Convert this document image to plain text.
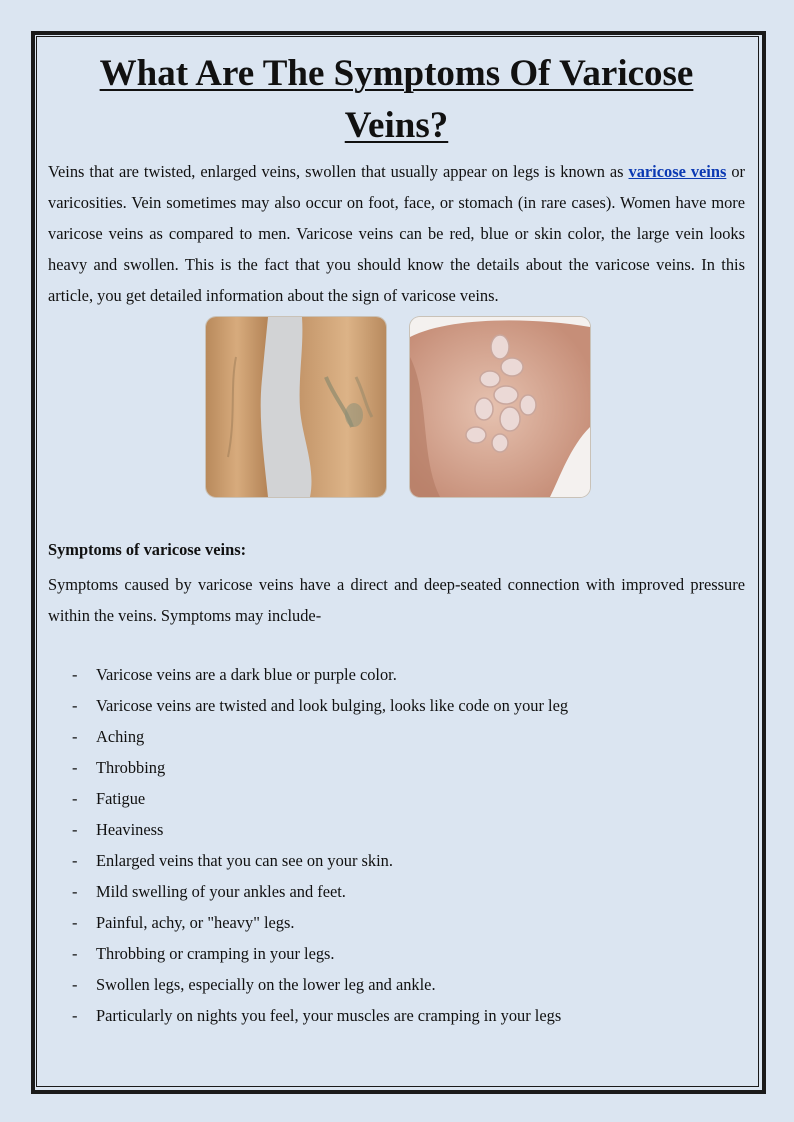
What Are The Symptoms Of Varicose Veins?

Veins that are twisted, enlarged veins, swollen that usually appear on legs is known as varicose veins or varicosities. Vein sometimes may also occur on foot, face, or stomach (in rare cases). Women have more varicose veins as compared to men. Varicose veins can be red, blue or skin color, the large vein looks heavy and swollen. This is the fact that you should know the details about the varicose veins. In this article, you get detailed information about the sign of varicose veins.

Symptoms of varicose veins:

Symptoms caused by varicose veins have a direct and deep-seated connection with improved pressure within the veins. Symptoms may include-

- Varicose veins are a dark blue or purple color.
- Varicose veins are twisted and look bulging, looks like code on your leg
- Aching
- Throbbing
- Fatigue
- Heaviness
- Enlarged veins that you can see on your skin.
- Mild swelling of your ankles and feet.
- Painful, achy, or "heavy" legs.
- Throbbing or cramping in your legs.
- Swollen legs, especially on the lower leg and ankle.
- Particularly on nights you feel, your muscles are cramping in your legs
